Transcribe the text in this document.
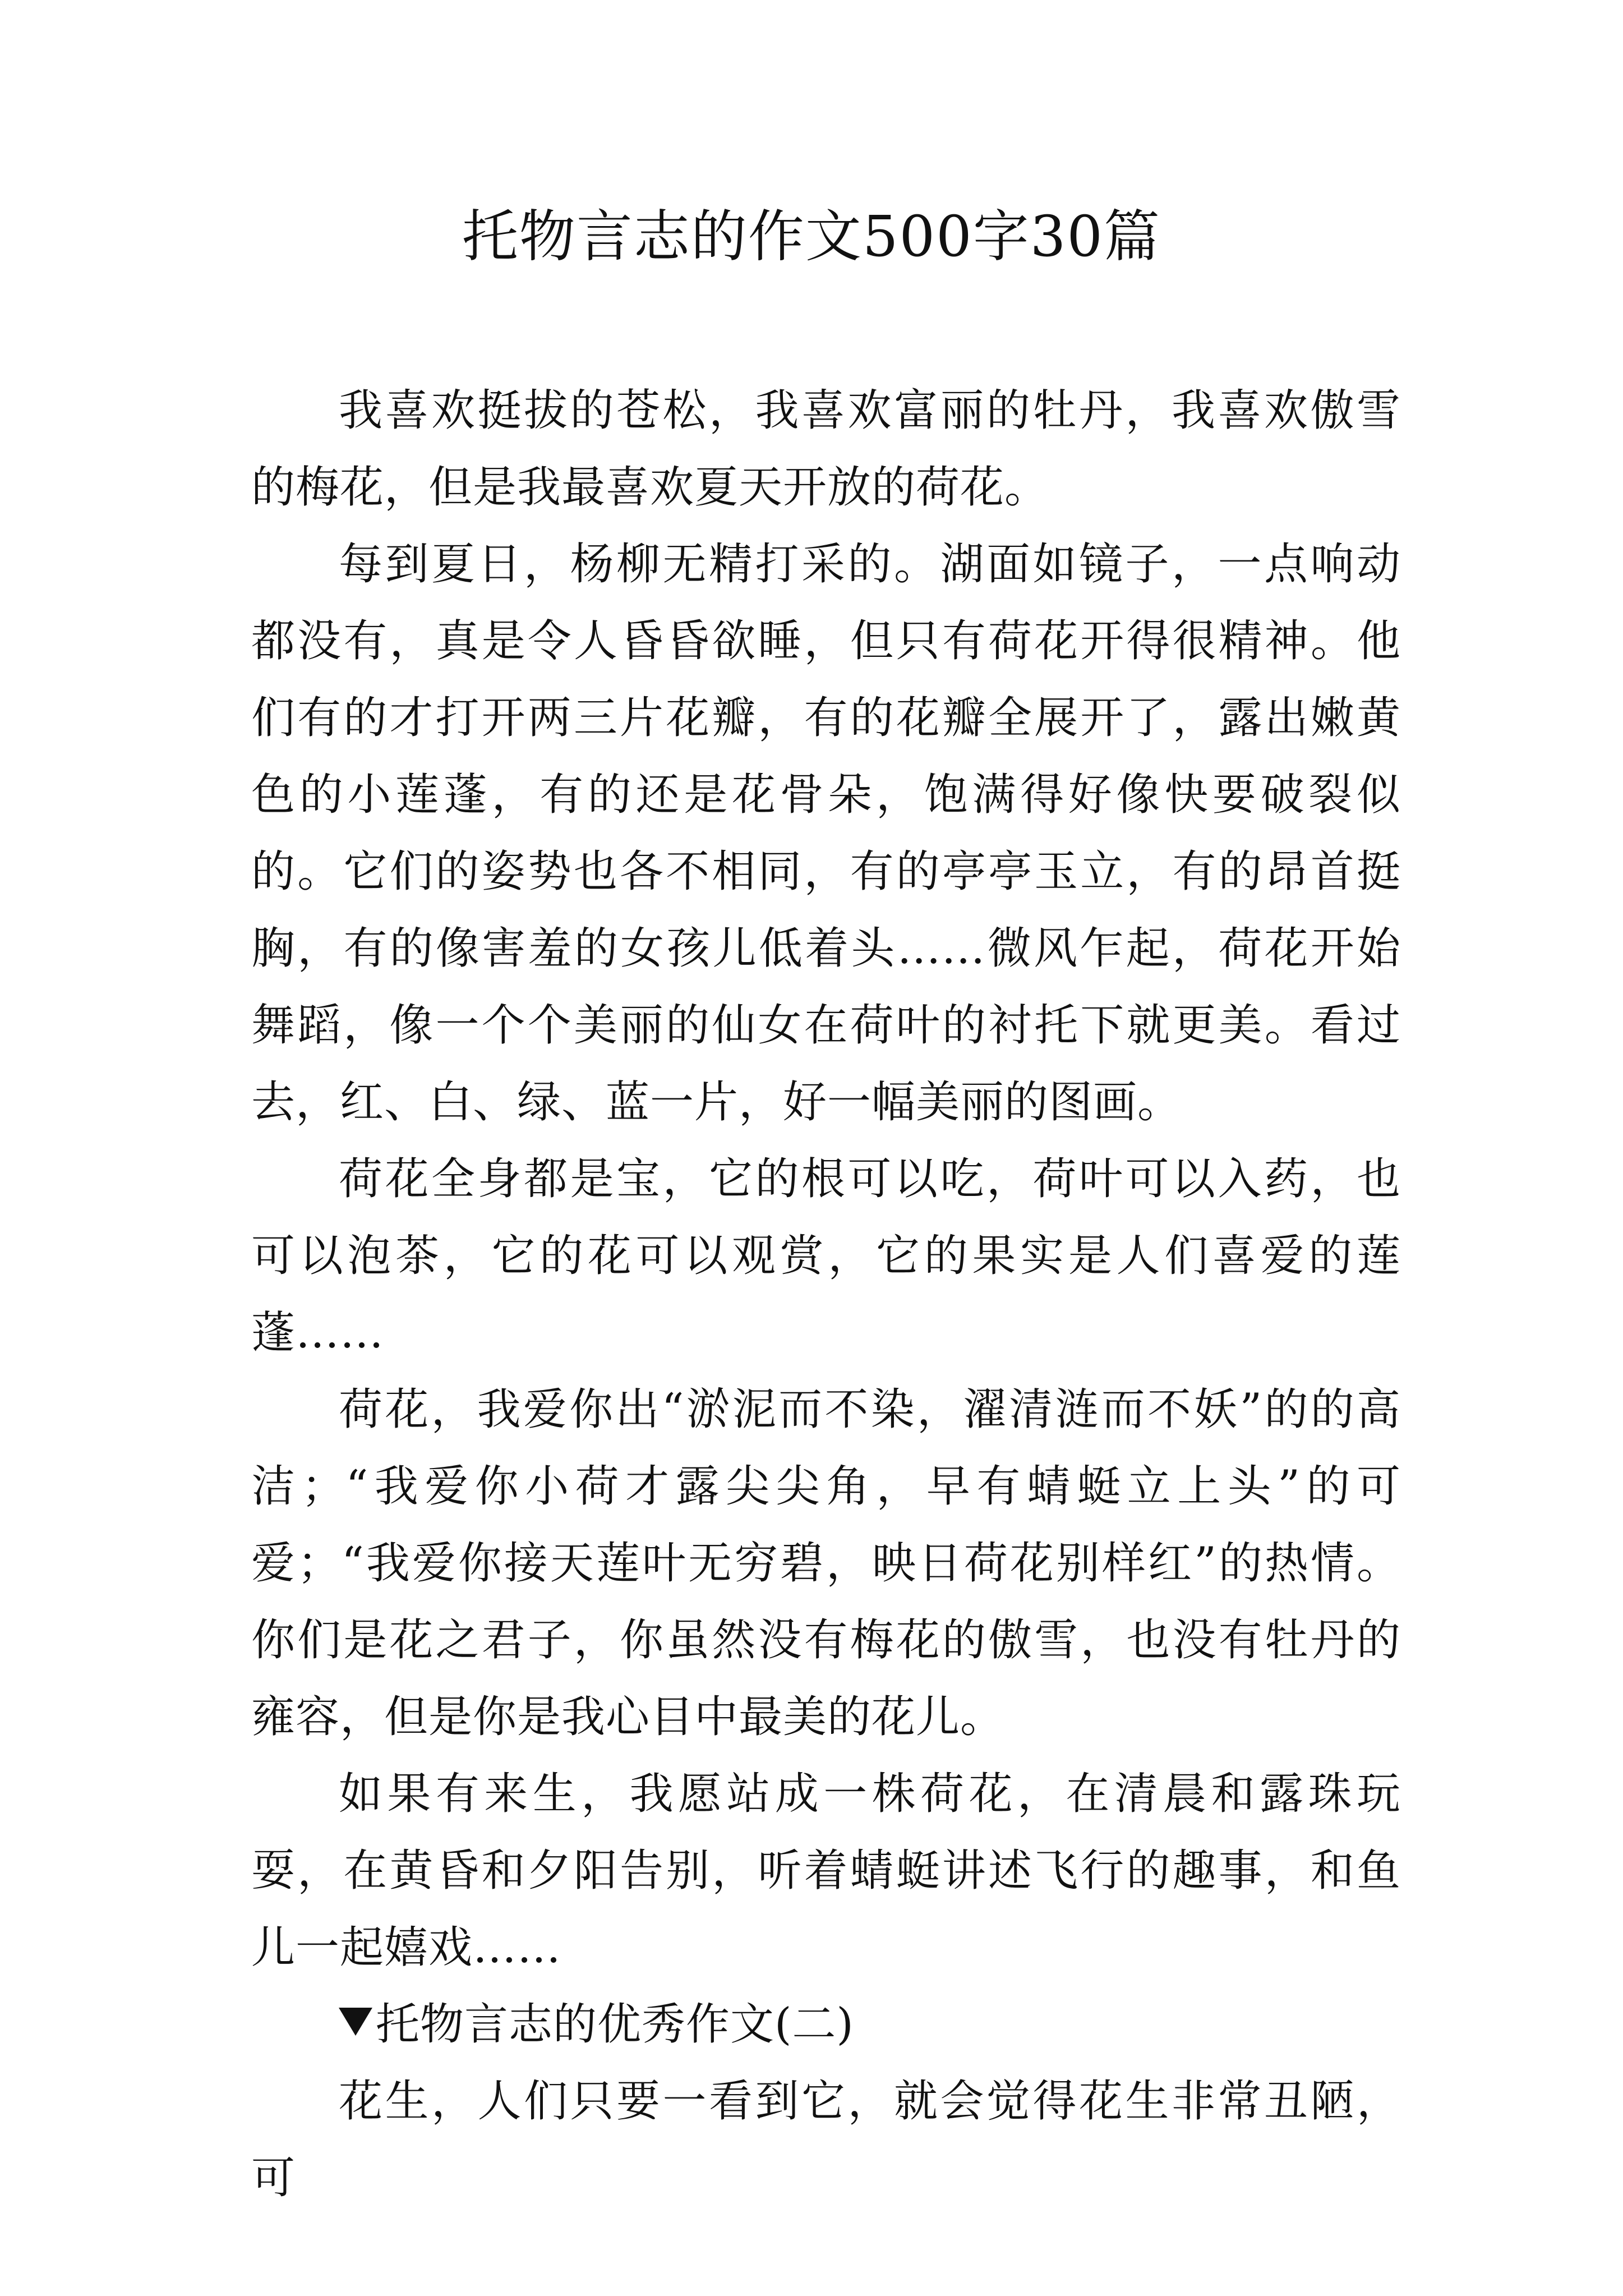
托物言志的作文500字30篇

我喜欢挺拔的苍松，我喜欢富丽的牡丹，我喜欢傲雪的梅花，但是我最喜欢夏天开放的荷花。

每到夏日，杨柳无精打采的。湖面如镜子，一点响动都没有，真是令人昏昏欲睡，但只有荷花开得很精神。他们有的才打开两三片花瓣，有的花瓣全展开了，露出嫩黄色的小莲蓬，有的还是花骨朵，饱满得好像快要破裂似的。它们的姿势也各不相同，有的亭亭玉立，有的昂首挺胸，有的像害羞的女孩儿低着头……微风乍起，荷花开始舞蹈，像一个个美丽的仙女在荷叶的衬托下就更美。看过去，红、白、绿、蓝一片，好一幅美丽的图画。

荷花全身都是宝，它的根可以吃，荷叶可以入药，也可以泡茶，它的花可以观赏，它的果实是人们喜爱的莲蓬……

荷花，我爱你出“淤泥而不染，濯清涟而不妖”的的高洁；“我爱你小荷才露尖尖角，早有蜻蜓立上头”的可爱；“我爱你接天莲叶无穷碧，映日荷花别样红”的热情。你们是花之君子，你虽然没有梅花的傲雪，也没有牡丹的雍容，但是你是我心目中最美的花儿。

如果有来生，我愿站成一株荷花，在清晨和露珠玩耍，在黄昏和夕阳告别，听着蜻蜓讲述飞行的趣事，和鱼儿一起嬉戏……

托物言志的优秀作文(二)

花生，人们只要一看到它，就会觉得花生非常丑陋，可
